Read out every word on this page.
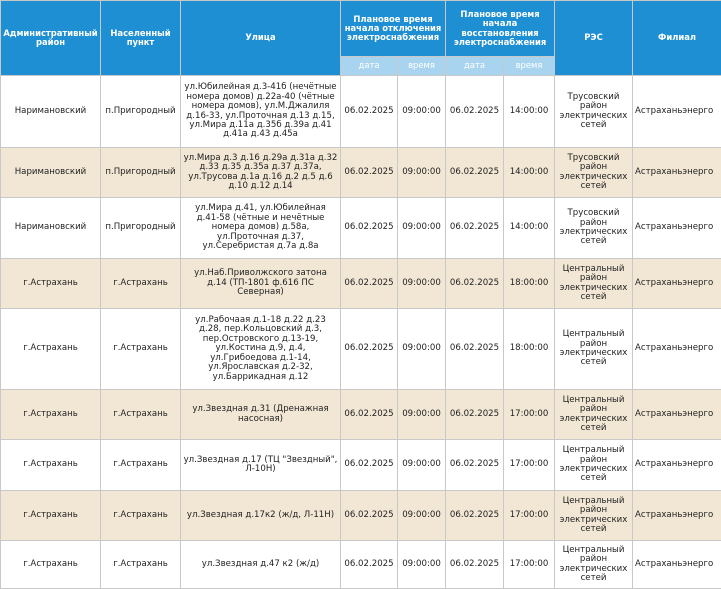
Административный район	Населенный пункт	Улица	Плановое время начала отключения электроснабжения		Плановое время начала восстановления электроснабжения		РЭС	Филиал
			дата	время	дата	время		
Наримановский	п.Пригородный	ул.Юбилейная д.3-41б (нечётные номера домов) д.22а-40 (чётные номера домов), ул.М.Джалиля д.16-33, ул.Проточная д.13 д.15, ул.Мира д.11а д.35б д.39а д.41 д.41а д.43 д.45а	06.02.2025	09:00:00	06.02.2025	14:00:00	Трусовский район электрических сетей	Астраханьэнерго
Наримановский	п.Пригородный	ул.Мира д.3 д.16 д.29а д.31а д.32 д.33 д.35 д.35а д.37 д.37а, ул.Трусова д.1а д.16 д.2 д.5 д.6 д.10 д.12 д.14	06.02.2025	09:00:00	06.02.2025	14:00:00	Трусовский район электрических сетей	Астраханьэнерго
Наримановский	п.Пригородный	ул.Мира д.41, ул.Юбилейная д.41-58 (чётные и нечётные номера домов) д.58а, ул.Проточная д.37, ул.Серебристая д.7а д.8а	06.02.2025	09:00:00	06.02.2025	14:00:00	Трусовский район электрических сетей	Астраханьэнерго
г.Астрахань	г.Астрахань	ул.Наб.Приволжского затона д.14 (ТП-1801 ф.616 ПС Северная)	06.02.2025	09:00:00	06.02.2025	18:00:00	Центральный район электрических сетей	Астраханьэнерго
г.Астрахань	г.Астрахань	ул.Рабочаая д.1-18 д.22 д.23 д.28, пер.Кольцовский д.3, пер.Островского д.13-19, ул.Костина д.9, д.4, ул.Грибоедова д.1-14, ул.Ярославская д.2-32, ул.Баррикадная д.12	06.02.2025	09:00:00	06.02.2025	18:00:00	Центральный район электрических сетей	Астраханьэнерго
г.Астрахань	г.Астрахань	ул.Звездная д.31 (Дренажная насосная)	06.02.2025	09:00:00	06.02.2025	17:00:00	Центральный район электрических сетей	Астраханьэнерго
г.Астрахань	г.Астрахань	ул.Звездная д.17 (ТЦ "Звездный", Л-10Н)	06.02.2025	09:00:00	06.02.2025	17:00:00	Центральный район электрических сетей	Астраханьэнерго
г.Астрахань	г.Астрахань	ул.Звездная д.17к2 (ж/д, Л-11Н)	06.02.2025	09:00:00	06.02.2025	17:00:00	Центральный район электрических сетей	Астраханьэнерго
г.Астрахань	г.Астрахань	ул.Звездная д.47 к2 (ж/д)	06.02.2025	09:00:00	06.02.2025	17:00:00	Центральный район электрических сетей	Астраханьэнерго
